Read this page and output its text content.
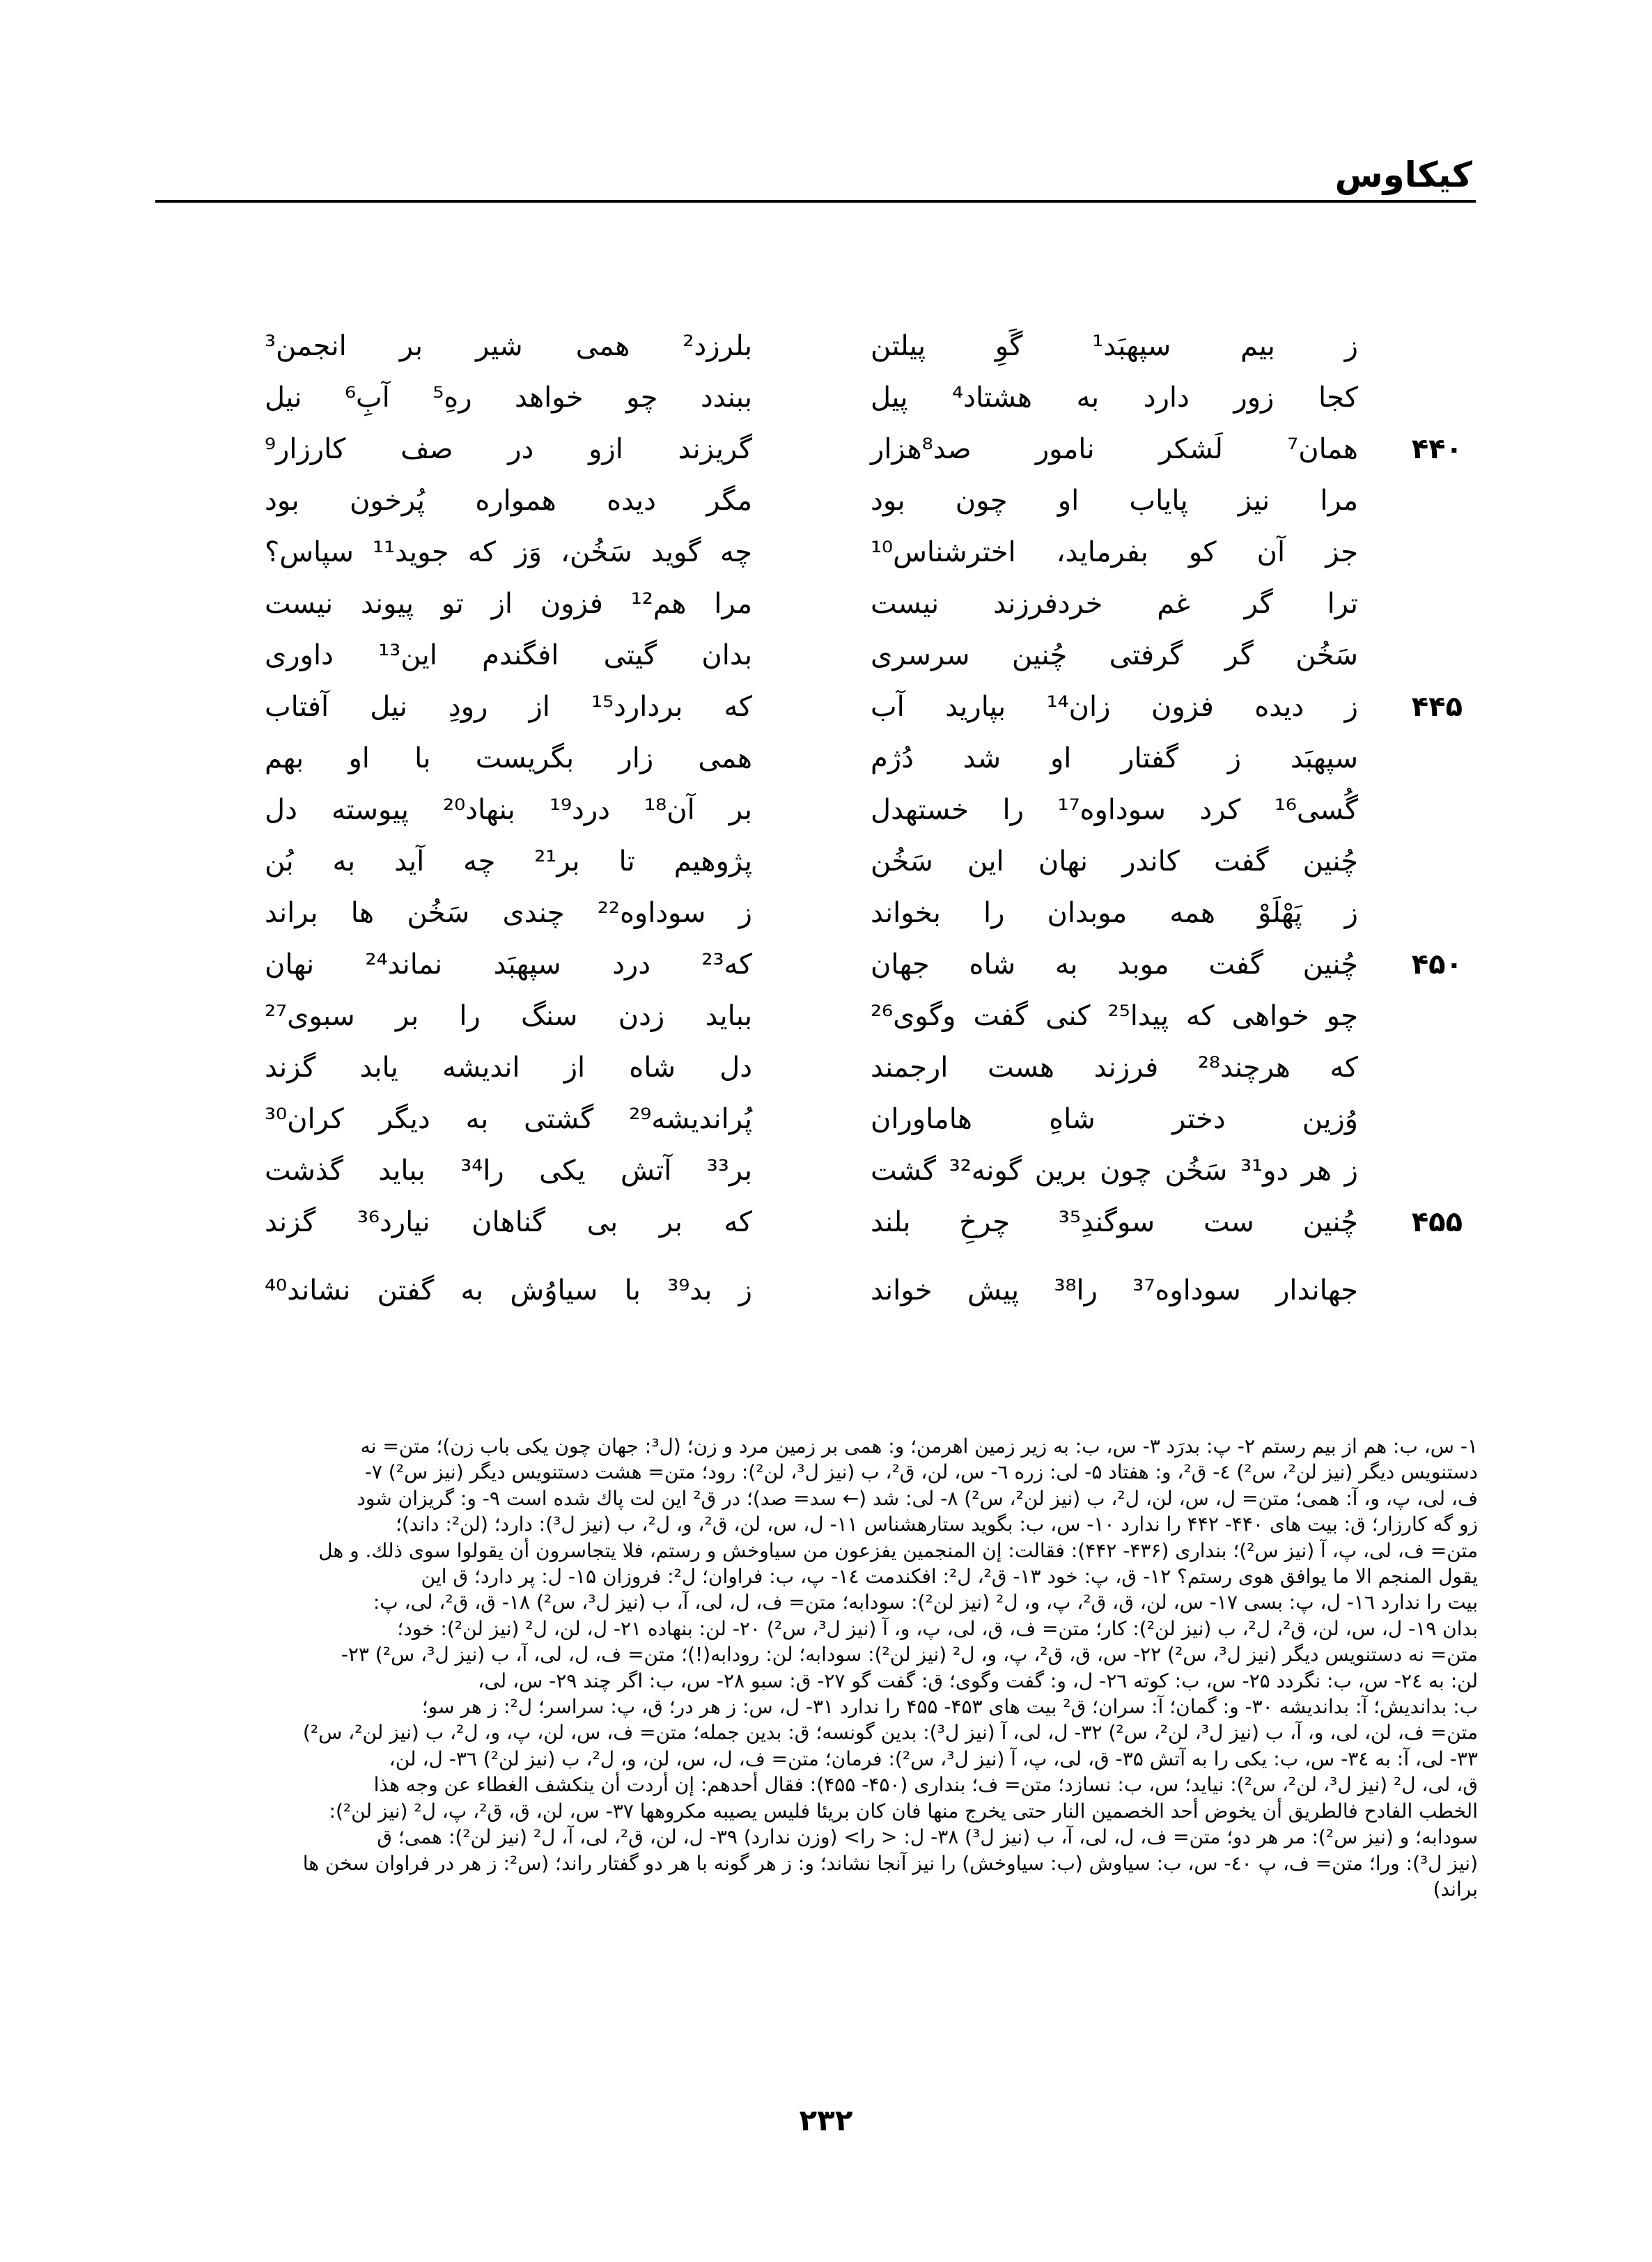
کیکاوس
ز بیم سپهبَد¹ گَوِ پیلتن
بلرزد² همی شیر بر انجمن³
کجا زور دارد به هشتاد⁴ پیل
ببندد چو خواهد رهِ⁵ آبِ⁶ نیل
۴۴۰
همان⁷ لَشکر نامور صد⁸هزار
گریزند ازو در صف کارزار⁹
مرا نیز پایاب او چون بود
مگر دیده همواره پُرخون بود
جز آن کو بفرماید، اخترشناس¹⁰
چه گوید سَخُن، وَز که جوید¹¹ سپاس؟
ترا گر غم خردفرزند نیست
مرا هم¹² فزون از تو پیوند نیست
سَخُن گر گرفتی چُنین سرسری
بدان گیتی افگندم این¹³ داوری
۴۴۵
ز دیده فزون زان¹⁴ بپارید آب
که بردارد¹⁵ از رودِ نیل آفتاب
سپهبَد ز گفتار او شد دُژم
همی زار بگریست با او بهم
گُسی¹⁶ کرد سوداوه¹⁷ را خستهدل
بر آن¹⁸ درد¹⁹ بنهاد²⁰ پیوسته دل
چُنین گفت کاندر نهان این سَخُن
پژوهیم تا بر²¹ چه آید به بُن
ز پَهْلَوْ همه موبدان را بخواند
ز سوداوه²² چندی سَخُن ها براند
۴۵۰
چُنین گفت موبد به شاه جهان
که²³ درد سپهبَد نماند²⁴ نهان
چو خواهی که پیدا²⁵ کنی گفت وگوی²⁶
بباید زدن سنگ را بر سبوی²⁷
که هرچند²⁸ فرزند هست ارجمند
دل شاه از اندیشه یابد گزند
وُزین دختر شاهِ هاماوران
پُراندیشه²⁹ گشتی به دیگر کران³⁰
ز هر دو³¹ سَخُن چون برین گونه³² گشت
بر³³ آتش یکی را³⁴ بباید گذشت
۴۵۵
چُنین ست سوگندِ³⁵ چرخِ بلند
که بر بی گناهان نیارد³⁶ گزند
جهاندار سوداوه³⁷ را³⁸ پیش خواند
ز بد³⁹ با سیاوُش به گفتن نشاند⁴⁰
۱- س، ب: هم از بیم رستم ۲- پ: بدرَد ۳- س، ب: به زیر زمین اهرمن؛ و: همی بر زمین مرد و زن؛ (ل³: جهان چون یکی باب زن)؛ متن= نه
دستنویس دیگر (نیز لن²، س²) ٤- ق²، و: هفتاد ۵- لی: زره ٦- س، لن، ق²، ب (نیز ل³، لن²): رود؛ متن= هشت دستنویس دیگر (نیز س²) ۷-
ف، لی، پ، و، آ: همی؛ متن= ل، س، لن، ل²، ب (نیز لن²، س²) ۸- لی: شد (← سد= صد)؛ در ق² این لت پاك شده است ۹- و: گریزان شود
زو گه کارزار؛ ق: بیت های ۴۴۰- ۴۴۲ را ندارد ۱۰- س، ب: بگوید ستارهشناس ۱۱- ل، س، لن، ق²، و، ل²، ب (نیز ل³): دارد؛ (لن²: داند)؛
متن= ف، لی، پ، آ (نیز س²)؛ بنداری (۴۳۶- ۴۴۲): فقالت: إن المنجمین یفزعون من سیاوخش و رستم، فلا یتجاسرون أن یقولوا سوی ذلك. و هل
یقول المنجم الا ما یوافق هوی رستم؟ ۱۲- ق، پ: خود ۱۳- ق²، ل²: افکندمت ١٤- پ، ب: فراوان؛ ل²: فروزان ۱۵- ل: پر دارد؛ ق این
بیت را ندارد ١٦- ل، پ: بسی ۱۷- س، لن، ق، ق²، پ، و، ل² (نیز لن²): سودابه؛ متن= ف، ل، لی، آ، ب (نیز ل³، س²) ۱۸- ق، ق²، لی، پ:
بدان ۱۹- ل، س، لن، ق²، ل²، ب (نیز لن²): کار؛ متن= ف، ق، لی، پ، و، آ (نیز ل³، س²) ۲۰- لن: بنهاده ۲۱- ل، لن، ل² (نیز لن²): خود؛
متن= نه دستنویس دیگر (نیز ل³، س²) ۲۲- س، ق، ق²، پ، و، ل² (نیز لن²): سودابه؛ لن: رودابه(!)؛ متن= ف، ل، لی، آ، ب (نیز ل³، س²) ۲۳-
لن: به ٢٤- س، ب: نگردد ۲۵- س، ب: کوته ٢٦- ل، و: گفت وگوی؛ ق: گفت گو ۲۷- ق: سبو ۲۸- س، ب: اگر چند ۲۹- س، لی،
ب: بداندیش؛ آ: بداندیشه ۳۰- و: گمان؛ آ: سران؛ ق² بیت های ۴۵۳- ۴۵۵ را ندارد ۳۱- ل، س: ز هر در؛ ق، پ: سراسر؛ ل²: ز هر سو؛
متن= ف، لن، لی، و، آ، ب (نیز ل³، لن²، س²) ۳۲- ل، لی، آ (نیز ل³): بدین گونسه؛ ق: بدین جمله؛ متن= ف، س، لن، پ، و، ل²، ب (نیز لن²، س²)
۳۳- لی، آ: به ۳٤- س، ب: یکی را به آتش ۳۵- ق، لی، پ، آ (نیز ل³، س²): فرمان؛ متن= ف، ل، س، لن، و، ل²، ب (نیز لن²) ۳٦- ل، لن،
ق، لی، ل² (نیز ل³، لن²، س²): نیاید؛ س، ب: نسازد؛ متن= ف؛ بنداری (۴۵۰- ۴۵۵): فقال أحدهم: إن أردت أن ینکشف الغطاء عن وجه هذا
الخطب الفادح فالطریق أن یخوض أحد الخصمین النار حتی یخرج منها فان کان بریئا فلیس یصیبه مکروهها ۳۷- س، لن، ق، ق²، پ، ل² (نیز لن²):
سودابه؛ و (نیز س²): مر هر دو؛ متن= ف، ل، لی، آ، ب (نیز ل³) ۳۸- ل: < را> (وزن ندارد) ۳۹- ل، لن، ق²، لی، آ، ل² (نیز لن²): همی؛ ق
(نیز ل³): ورا؛ متن= ف، پ ٤٠- س، ب: سیاوش (ب: سیاوخش) را نیز آنجا نشاند؛ و: ز هر گونه با هر دو گفتار راند؛ (س²: ز هر در فراوان سخن ها
براند)
۲۳۲
